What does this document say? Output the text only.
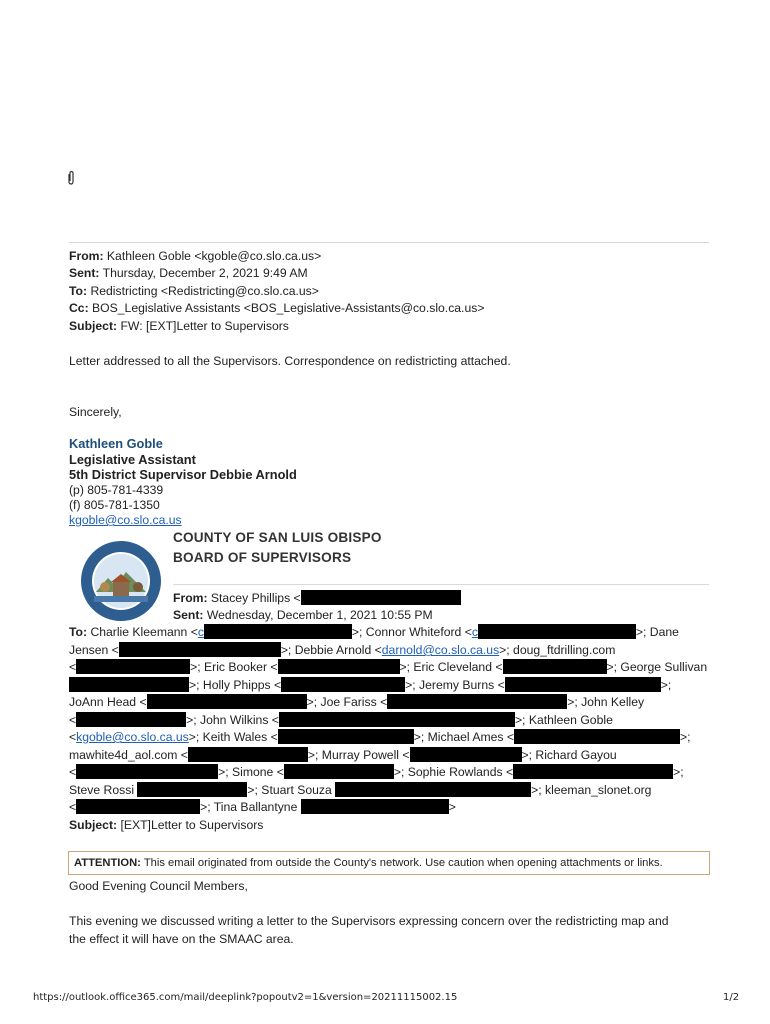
From: Kathleen Goble <kgoble@co.slo.ca.us>
Sent: Thursday, December 2, 2021 9:49 AM
To: Redistricting <Redistricting@co.slo.ca.us>
Cc: BOS_Legislative Assistants <BOS_Legislative-Assistants@co.slo.ca.us>
Subject: FW: [EXT]Letter to Supervisors
Letter addressed to all the Supervisors. Correspondence on redistricting attached.
Sincerely,
Kathleen Goble
Legislative Assistant
5th District Supervisor Debbie Arnold
(p) 805-781-4339
(f) 805-781-1350
kgoble@co.slo.ca.us
COUNTY OF SAN LUIS OBISPO
BOARD OF SUPERVISORS
From: Stacey Phillips <
Sent: Wednesday, December 1, 2021 10:55 PM
To: Charlie Kleemann <c	>; Connor Whiteford <c	>; Dane
Jensen <	>; Debbie Arnold <darnold@co.slo.ca.us>; doug_ftdrilling.com
<	>; Eric Booker <	>; Eric Cleveland <	>; George Sullivan
>; Holly Phipps <	>; Jeremy Burns <	>;
JoAnn Head <	>; Joe Fariss <	>; John Kelley
<	>; John Wilkins <	>; Kathleen Goble
<kgoble@co.slo.ca.us>; Keith Wales <	>; Michael Ames <	>;
mawhite4d_aol.com <	>; Murray Powell <	>; Richard Gayou
<	>; Simone <	>; Sophie Rowlands <	>;
Steve Rossi	>; Stuart Souza	>; kleeman_slonet.org
<	>; Tina Ballantyne	>
Subject: [EXT]Letter to Supervisors
ATTENTION: This email originated from outside the County's network. Use caution when opening attachments or links.
Good Evening Council Members,
This evening we discussed writing a letter to the Supervisors expressing concern over the redistricting map and
the effect it will have on the SMAAC area.
https://outlook.office365.com/mail/deeplink?popoutv2=1&version=20211115002.15	1/2
